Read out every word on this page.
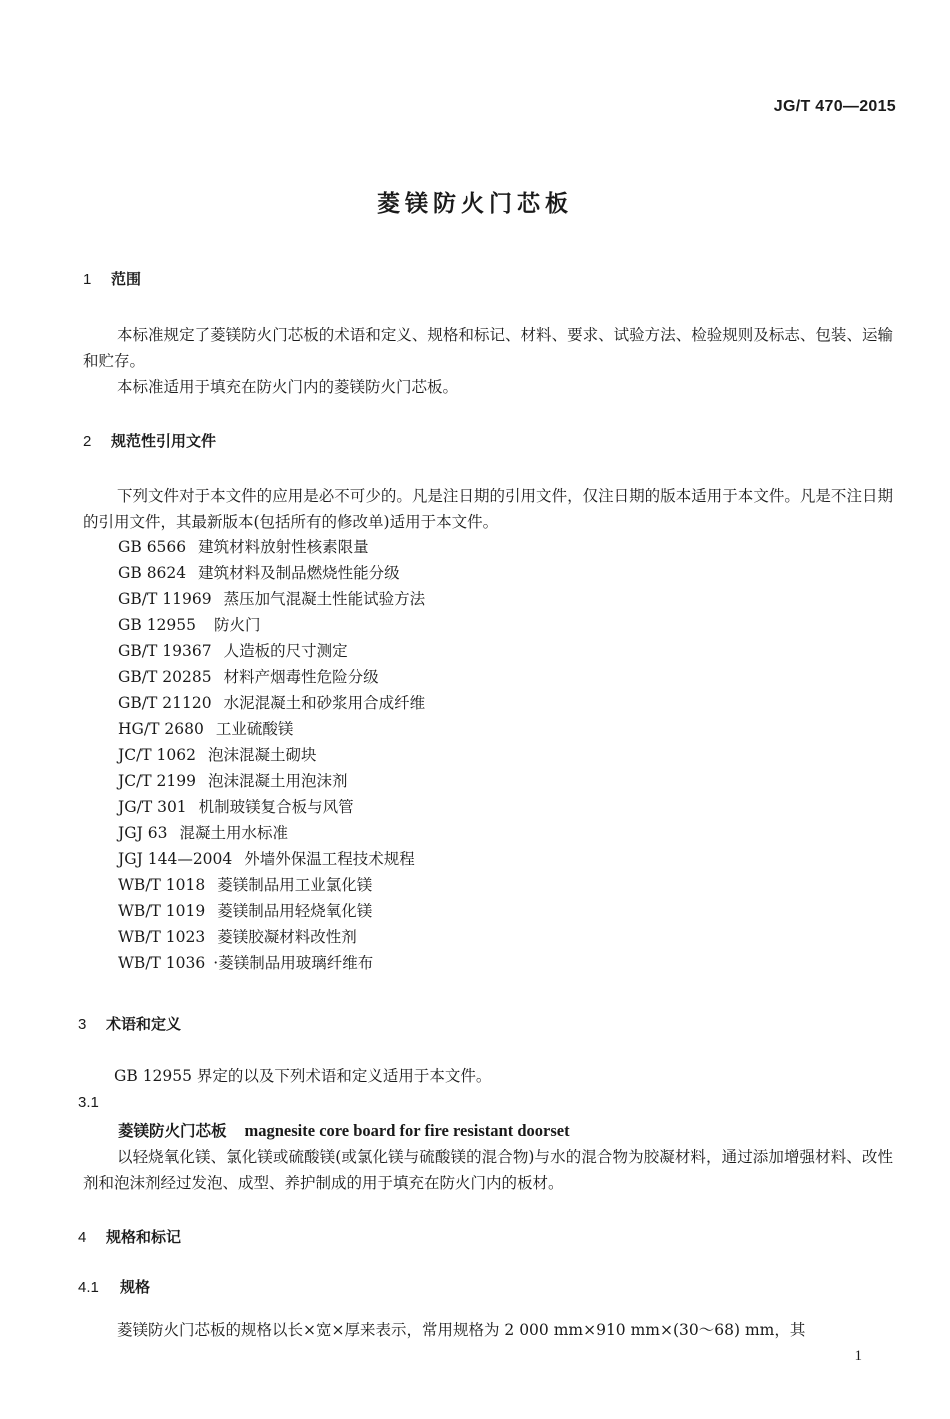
JG/T 470—2015
菱镁防火门芯板
1 范围
本标准规定了菱镁防火门芯板的术语和定义、规格和标记、材料、要求、试验方法、检验规则及标志、包装、运输和贮存。
本标准适用于填充在防火门内的菱镁防火门芯板。
2 规范性引用文件
下列文件对于本文件的应用是必不可少的。凡是注日期的引用文件，仅注日期的版本适用于本文件。凡是不注日期的引用文件，其最新版本(包括所有的修改单)适用于本文件。
GB 6566 建筑材料放射性核素限量
GB 8624 建筑材料及制品燃烧性能分级
GB/T 11969 蒸压加气混凝土性能试验方法
GB 12955 防火门
GB/T 19367 人造板的尺寸测定
GB/T 20285 材料产烟毒性危险分级
GB/T 21120 水泥混凝土和砂浆用合成纤维
HG/T 2680 工业硫酸镁
JC/T 1062 泡沫混凝土砌块
JC/T 2199 泡沫混凝土用泡沫剂
JG/T 301 机制玻镁复合板与风管
JGJ 63 混凝土用水标准
JGJ 144—2004 外墙外保温工程技术规程
WB/T 1018 菱镁制品用工业氯化镁
WB/T 1019 菱镁制品用轻烧氧化镁
WB/T 1023 菱镁胶凝材料改性剂
WB/T 1036 ·菱镁制品用玻璃纤维布
3 术语和定义
GB 12955 界定的以及下列术语和定义适用于本文件。
3.1
菱镁防火门芯板 magnesite core board for fire resistant doorset
以轻烧氧化镁、氯化镁或硫酸镁(或氯化镁与硫酸镁的混合物)与水的混合物为胶凝材料，通过添加增强材料、改性剂和泡沫剂经过发泡、成型、养护制成的用于填充在防火门内的板材。
4 规格和标记
4.1 规格
菱镁防火门芯板的规格以长×宽×厚来表示，常用规格为 2 000 mm×910 mm×(30～68) mm，其
1
